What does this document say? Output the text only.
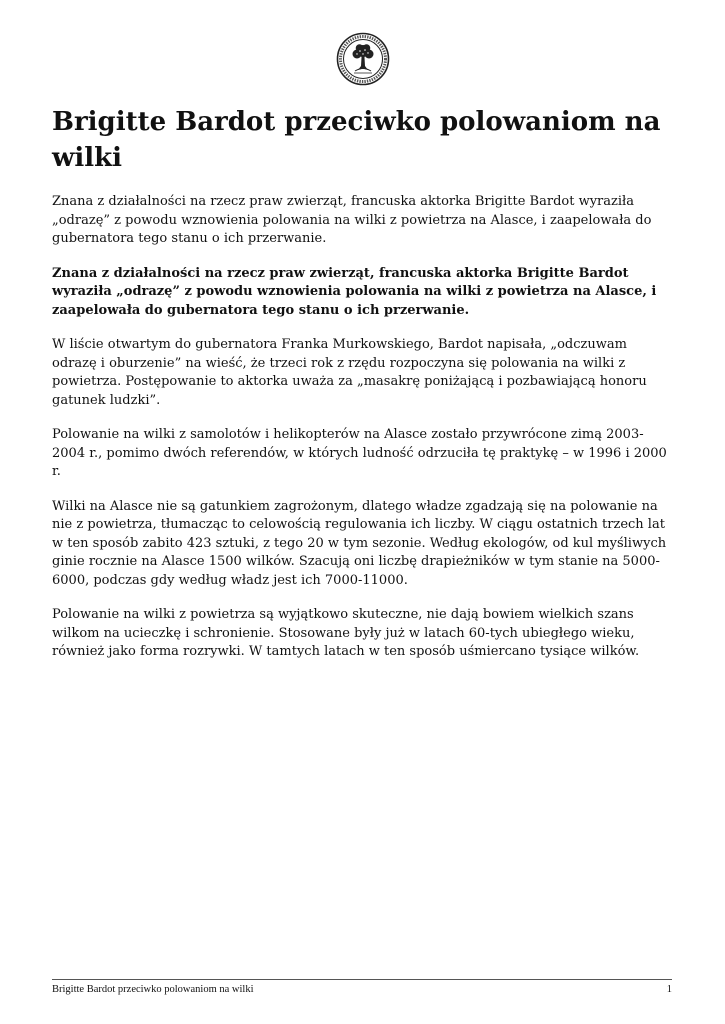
Brigitte Bardot przeciwko polowaniom na wilki

Znana z działalności na rzecz praw zwierząt, francuska aktorka Brigitte Bardot wyraziła „odrazę” z powodu wznowienia polowania na wilki z powietrza na Alasce, i zaapelowała do gubernatora tego stanu o ich przerwanie.

Znana z działalności na rzecz praw zwierząt, francuska aktorka Brigitte Bardot wyraziła „odrazę” z powodu wznowienia polowania na wilki z powietrza na Alasce, i zaapelowała do gubernatora tego stanu o ich przerwanie.

W liście otwartym do gubernatora Franka Murkowskiego, Bardot napisała, „odczuwam odrazę i oburzenie” na wieść, że trzeci rok z rzędu rozpoczyna się polowania na wilki z powietrza. Postępowanie to aktorka uważa za „masakrę poniżającą i pozbawiającą honoru gatunek ludzki”.

Polowanie na wilki z samolotów i helikopterów na Alasce zostało przywrócone zimą 2003-2004 r., pomimo dwóch referendów, w których ludność odrzuciła tę praktykę – w 1996 i 2000 r.

Wilki na Alasce nie są gatunkiem zagrożonym, dlatego władze zgadzają się na polowanie na nie z powietrza, tłumacząc to celowością regulowania ich liczby. W ciągu ostatnich trzech lat w ten sposób zabito 423 sztuki, z tego 20 w tym sezonie. Według ekologów, od kul myśliwych ginie rocznie na Alasce 1500 wilków. Szacują oni liczbę drapieżników w tym stanie na 5000-6000, podczas gdy według władz jest ich 7000-11000.

Polowanie na wilki z powietrza są wyjątkowo skuteczne, nie dają bowiem wielkich szans wilkom na ucieczkę i schronienie. Stosowane były już w latach 60-tych ubiegłego wieku, również jako forma rozrywki. W tamtych latach w ten sposób uśmiercano tysiące wilków.

Brigitte Bardot przeciwko polowaniom na wilki	1
